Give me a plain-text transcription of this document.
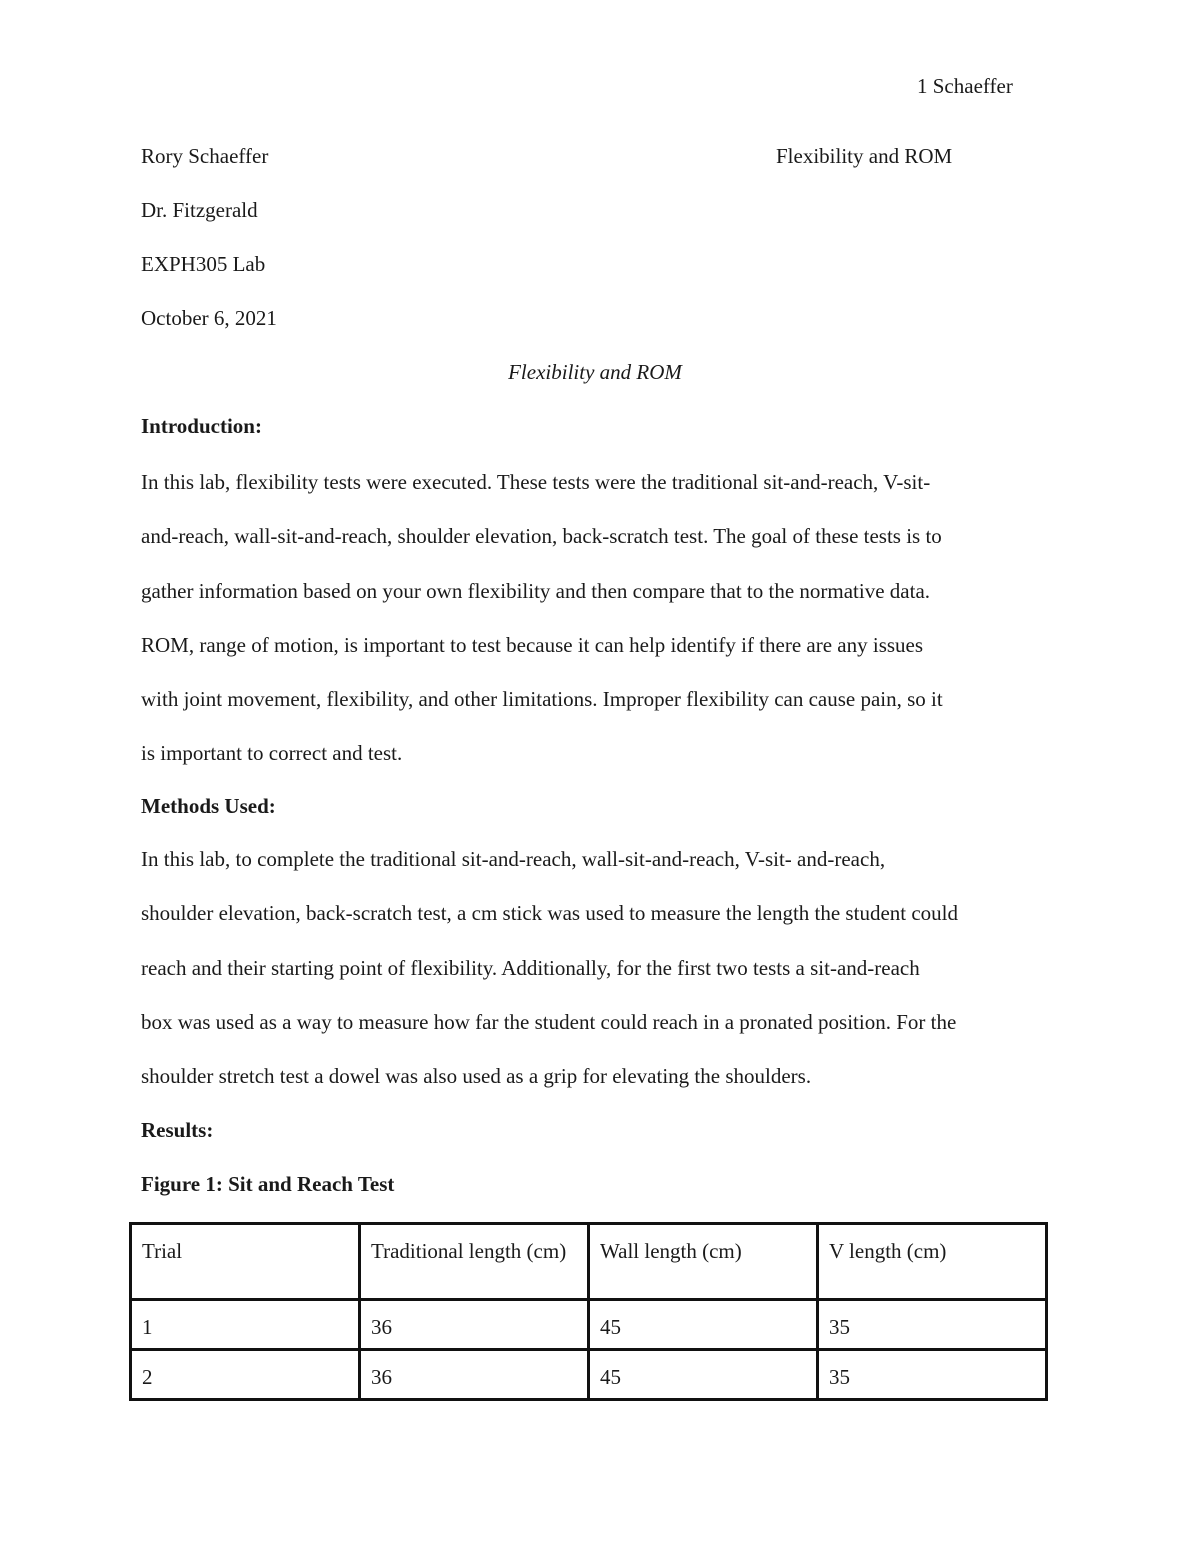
1 Schaeffer
Rory Schaeffer	Flexibility and ROM
Dr. Fitzgerald
EXPH305 Lab
October 6, 2021
Flexibility and ROM
Introduction:
In this lab, flexibility tests were executed. These tests were the traditional sit-and-reach, V-sit-
and-reach, wall-sit-and-reach, shoulder elevation, back-scratch test. The goal of these tests is to
gather information based on your own flexibility and then compare that to the normative data.
ROM, range of motion, is important to test because it can help identify if there are any issues
with joint movement, flexibility, and other limitations. Improper flexibility can cause pain, so it
is important to correct and test.
Methods Used:
In this lab, to complete the traditional sit-and-reach, wall-sit-and-reach, V-sit- and-reach,
shoulder elevation, back-scratch test, a cm stick was used to measure the length the student could
reach and their starting point of flexibility. Additionally, for the first two tests a sit-and-reach
box was used as a way to measure how far the student could reach in a pronated position. For the
shoulder stretch test a dowel was also used as a grip for elevating the shoulders.
Results:
Figure 1: Sit and Reach Test
Trial	Traditional length (cm)	Wall length (cm)	V length (cm)
1	36	45	35
2	36	45	35
